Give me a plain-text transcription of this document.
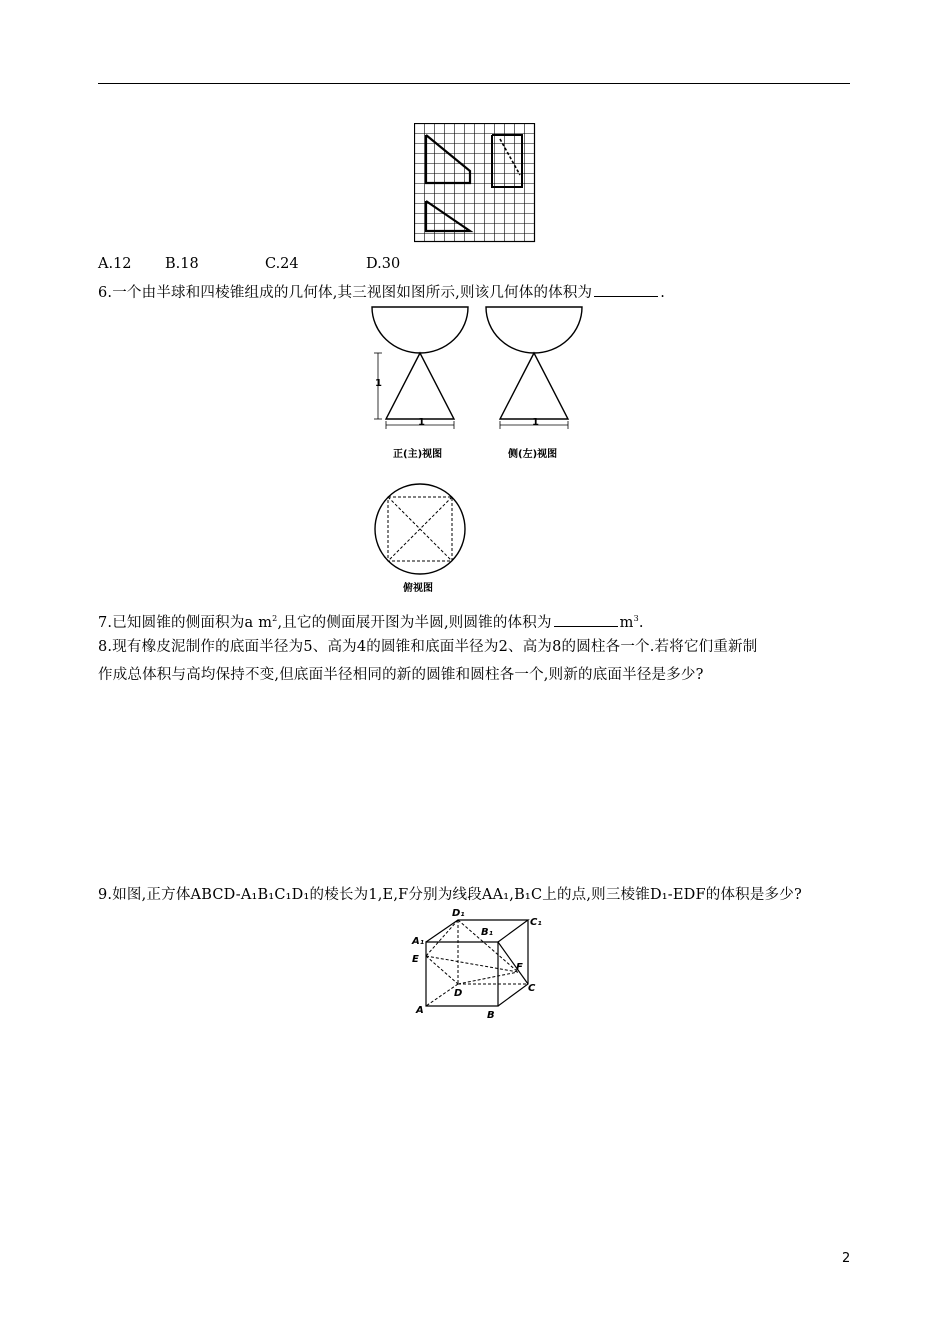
A.12 B.18	C.24	D.30
6.一个由半球和四棱锥组成的几何体,其三视图如图所示,则该几何体的体积为	.
1
1
正(主)视图
1
侧(左)视图
俯视图
7.已知圆锥的侧面积为a $m^2$,且它的侧面展开图为半圆,则圆锥的体积为	$m^3$.
8.现有橡皮泥制作的底面半径为5、高为4的圆锥和底面半径为2、高为8的圆柱各一个.若将它们重新制
作成总体积与高均保持不变,但底面半径相同的新的圆锥和圆柱各一个,则新的底面半径是多少?
9.如图,正方体ABCD-A₁B₁C₁D₁的棱长为1,E,F分别为线段AA₁,B₁C上的点,则三棱锥D₁-EDF的体积是多少?
D₁
C₁
B₁
A₁
E
F
D	C
A	B
2
